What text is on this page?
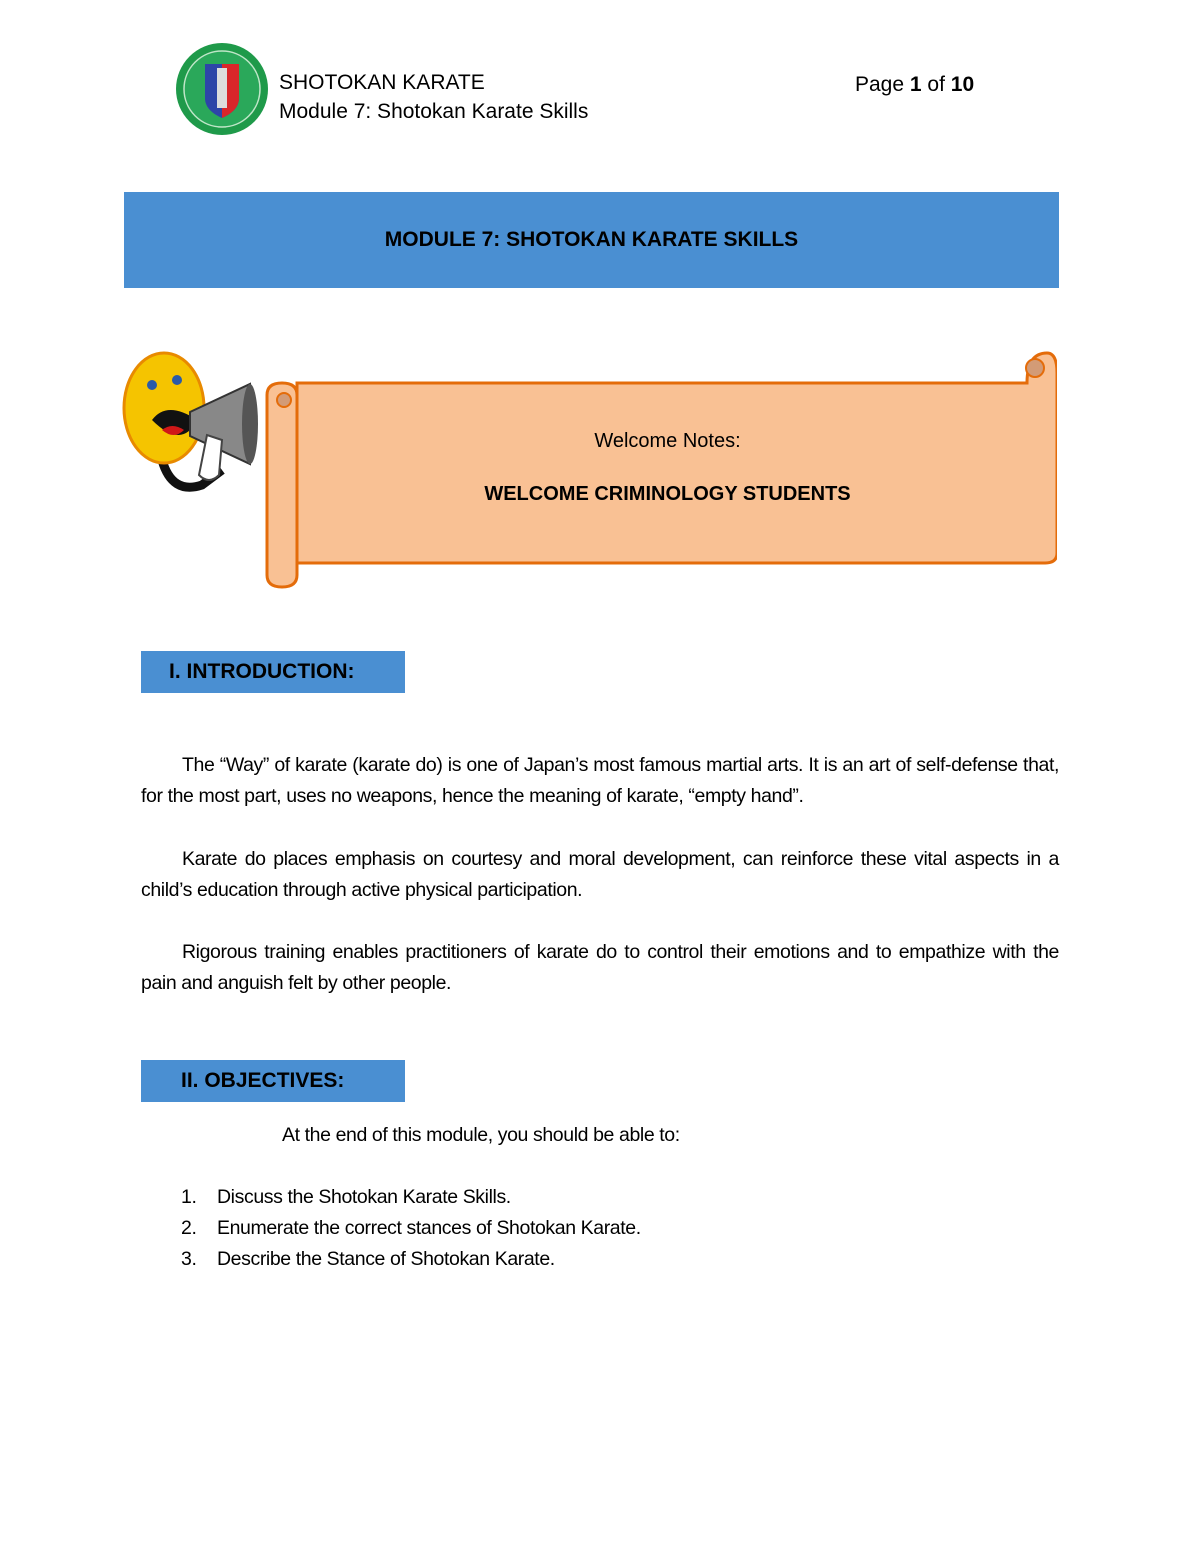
SHOTOKAN KARATE
Module 7: Shotokan Karate Skills
Page 1 of 10
MODULE 7: SHOTOKAN KARATE SKILLS
Welcome Notes:
WELCOME CRIMINOLOGY STUDENTS
I. INTRODUCTION:
The “Way” of karate (karate do) is one of Japan’s most famous martial arts. It is an art of self-defense that, for the most part, uses no weapons, hence the meaning of karate, “empty hand”.
Karate do places emphasis on courtesy and moral development, can reinforce these vital aspects in a child’s education through active physical participation.
Rigorous training enables practitioners of karate do to control their emotions and to empathize with the pain and anguish felt by other people.
II. OBJECTIVES:
At the end of this module, you should be able to:
1. Discuss the Shotokan Karate Skills.
2. Enumerate the correct stances of Shotokan Karate.
3. Describe the Stance of Shotokan Karate.
